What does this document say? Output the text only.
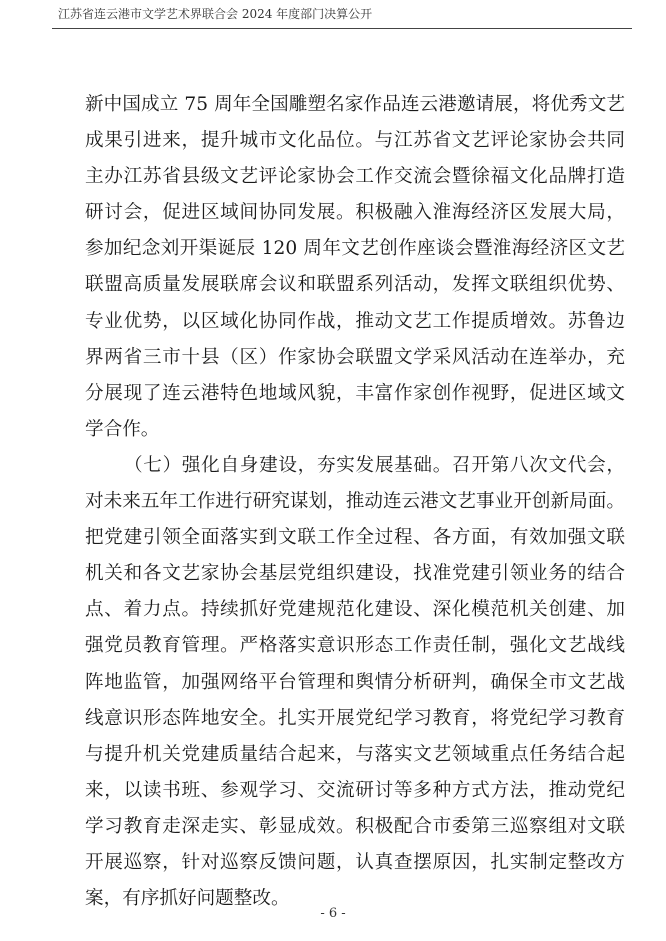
江苏省连云港市文学艺术界联合会 2024 年度部门决算公开
新中国成立 75 周年全国雕塑名家作品连云港邀请展，将优秀文艺
成果引进来，提升城市文化品位。与江苏省文艺评论家协会共同
主办江苏省县级文艺评论家协会工作交流会暨徐福文化品牌打造
研讨会，促进区域间协同发展。积极融入淮海经济区发展大局，
参加纪念刘开渠诞辰 120 周年文艺创作座谈会暨淮海经济区文艺
联盟高质量发展联席会议和联盟系列活动，发挥文联组织优势、
专业优势，以区域化协同作战，推动文艺工作提质增效。苏鲁边
界两省三市十县（区）作家协会联盟文学采风活动在连举办，充
分展现了连云港特色地域风貌，丰富作家创作视野，促进区域文
学合作。
（七）强化自身建设，夯实发展基础。召开第八次文代会，
对未来五年工作进行研究谋划，推动连云港文艺事业开创新局面。
把党建引领全面落实到文联工作全过程、各方面，有效加强文联
机关和各文艺家协会基层党组织建设，找准党建引领业务的结合
点、着力点。持续抓好党建规范化建设、深化模范机关创建、加
强党员教育管理。严格落实意识形态工作责任制，强化文艺战线
阵地监管，加强网络平台管理和舆情分析研判，确保全市文艺战
线意识形态阵地安全。扎实开展党纪学习教育，将党纪学习教育
与提升机关党建质量结合起来，与落实文艺领域重点任务结合起
来，以读书班、参观学习、交流研讨等多种方式方法，推动党纪
学习教育走深走实、彰显成效。积极配合市委第三巡察组对文联
开展巡察，针对巡察反馈问题，认真查摆原因，扎实制定整改方
案，有序抓好问题整改。
- 6 -
